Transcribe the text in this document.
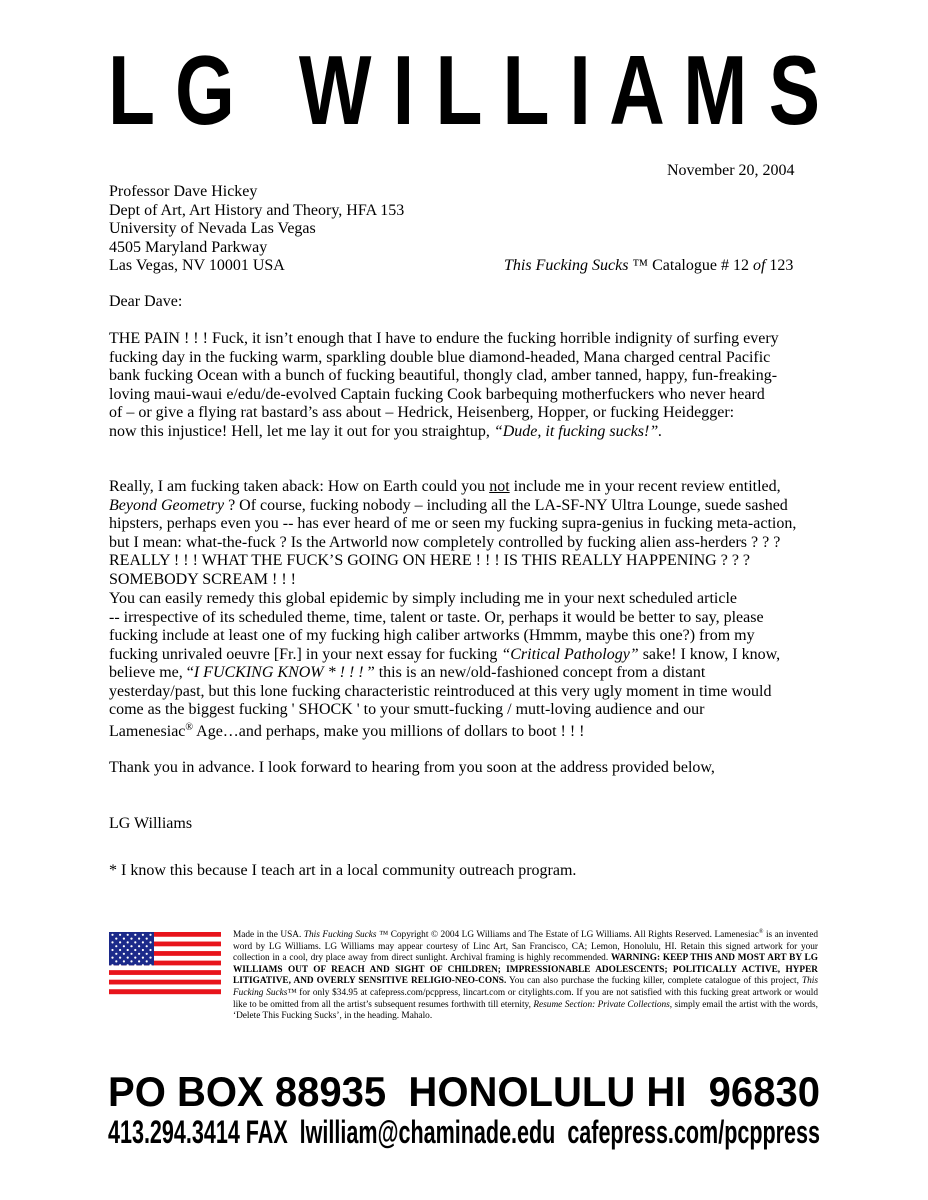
L G   W I L L I A M S
November 20, 2004
Professor Dave Hickey
Dept of Art, Art History and Theory, HFA 153
University of Nevada Las Vegas
4505 Maryland Parkway
Las Vegas, NV 10001 USA	This Fucking Sucks ™ Catalogue # 12 of 123
Dear Dave:
THE PAIN ! ! ! Fuck, it isn’t enough that I have to endure the fucking horrible indignity of surfing every
fucking day in the fucking warm, sparkling double blue diamond-headed, Mana charged central Pacific
bank fucking Ocean with a bunch of fucking beautiful, thongly clad, amber tanned, happy, fun-freaking-
loving maui-waui e/edu/de-evolved Captain fucking Cook barbequing motherfuckers who never heard
of – or give a flying rat bastard’s ass about – Hedrick, Heisenberg, Hopper, or fucking Heidegger:
now this injustice! Hell, let me lay it out for you straightup, “Dude, it fucking sucks!”.
Really, I am fucking taken aback: How on Earth could you not include me in your recent review entitled,
Beyond Geometry ? Of course, fucking nobody – including all the LA-SF-NY Ultra Lounge, suede sashed
hipsters, perhaps even you -- has ever heard of me or seen my fucking supra-genius in fucking meta-action,
but I mean: what-the-fuck ? Is the Artworld now completely controlled by fucking alien ass-herders ? ? ?
REALLY ! ! ! WHAT THE FUCK’S GOING ON HERE ! ! ! IS THIS REALLY HAPPENING ? ? ?
SOMEBODY SCREAM ! ! !
You can easily remedy this global epidemic by simply including me in your next scheduled article
-- irrespective of its scheduled theme, time, talent or taste. Or, perhaps it would be better to say, please
fucking include at least one of my fucking high caliber artworks (Hmmm, maybe this one?) from my
fucking unrivaled oeuvre [Fr.] in your next essay for fucking “Critical Pathology” sake! I know, I know,
believe me, “I FUCKING KNOW * ! ! ! ” this is an new/old-fashioned concept from a distant
yesterday/past, but this lone fucking characteristic reintroduced at this very ugly moment in time would
come as the biggest fucking ' SHOCK ' to your smutt-fucking / mutt-loving audience and our
Lamenesiac® Age…and perhaps, make you millions of dollars to boot ! ! !
Thank you in advance. I look forward to hearing from you soon at the address provided below,
LG Williams
* I know this because I teach art in a local community outreach program.
Made in the USA. This Fucking Sucks ™ Copyright © 2004 LG Williams and The Estate of LG Williams. All Rights Reserved. Lamenesiac® is an invented word by LG Williams. LG Williams may appear courtesy of Linc Art, San Francisco, CA; Lemon, Honolulu, HI. Retain this signed artwork for your collection in a cool, dry place away from direct sunlight. Archival framing is highly recommended. WARNING: KEEP THIS AND MOST ART BY LG WILLIAMS OUT OF REACH AND SIGHT OF CHILDREN; IMPRESSIONABLE ADOLESCENTS; POLITICALLY ACTIVE, HYPER LITIGATIVE, AND OVERLY SENSITIVE RELIGIO-NEO-CONS. You can also purchase the fucking killer, complete catalogue of this project, This Fucking Sucks™ for only $34.95 at cafepress.com/pcppress, lincart.com or citylights.com. If you are not satisfied with this fucking great artwork or would like to be omitted from all the artist’s subsequent resumes forthwith till eternity, Resume Section: Private Collections, simply email the artist with the words, ‘Delete This Fucking Sucks’, in the heading. Mahalo.
PO BOX 88935  HONOLULU HI  96830
413.294.3414 FAX  lwilliam@chaminade.edu  cafepress.com/pcppress
